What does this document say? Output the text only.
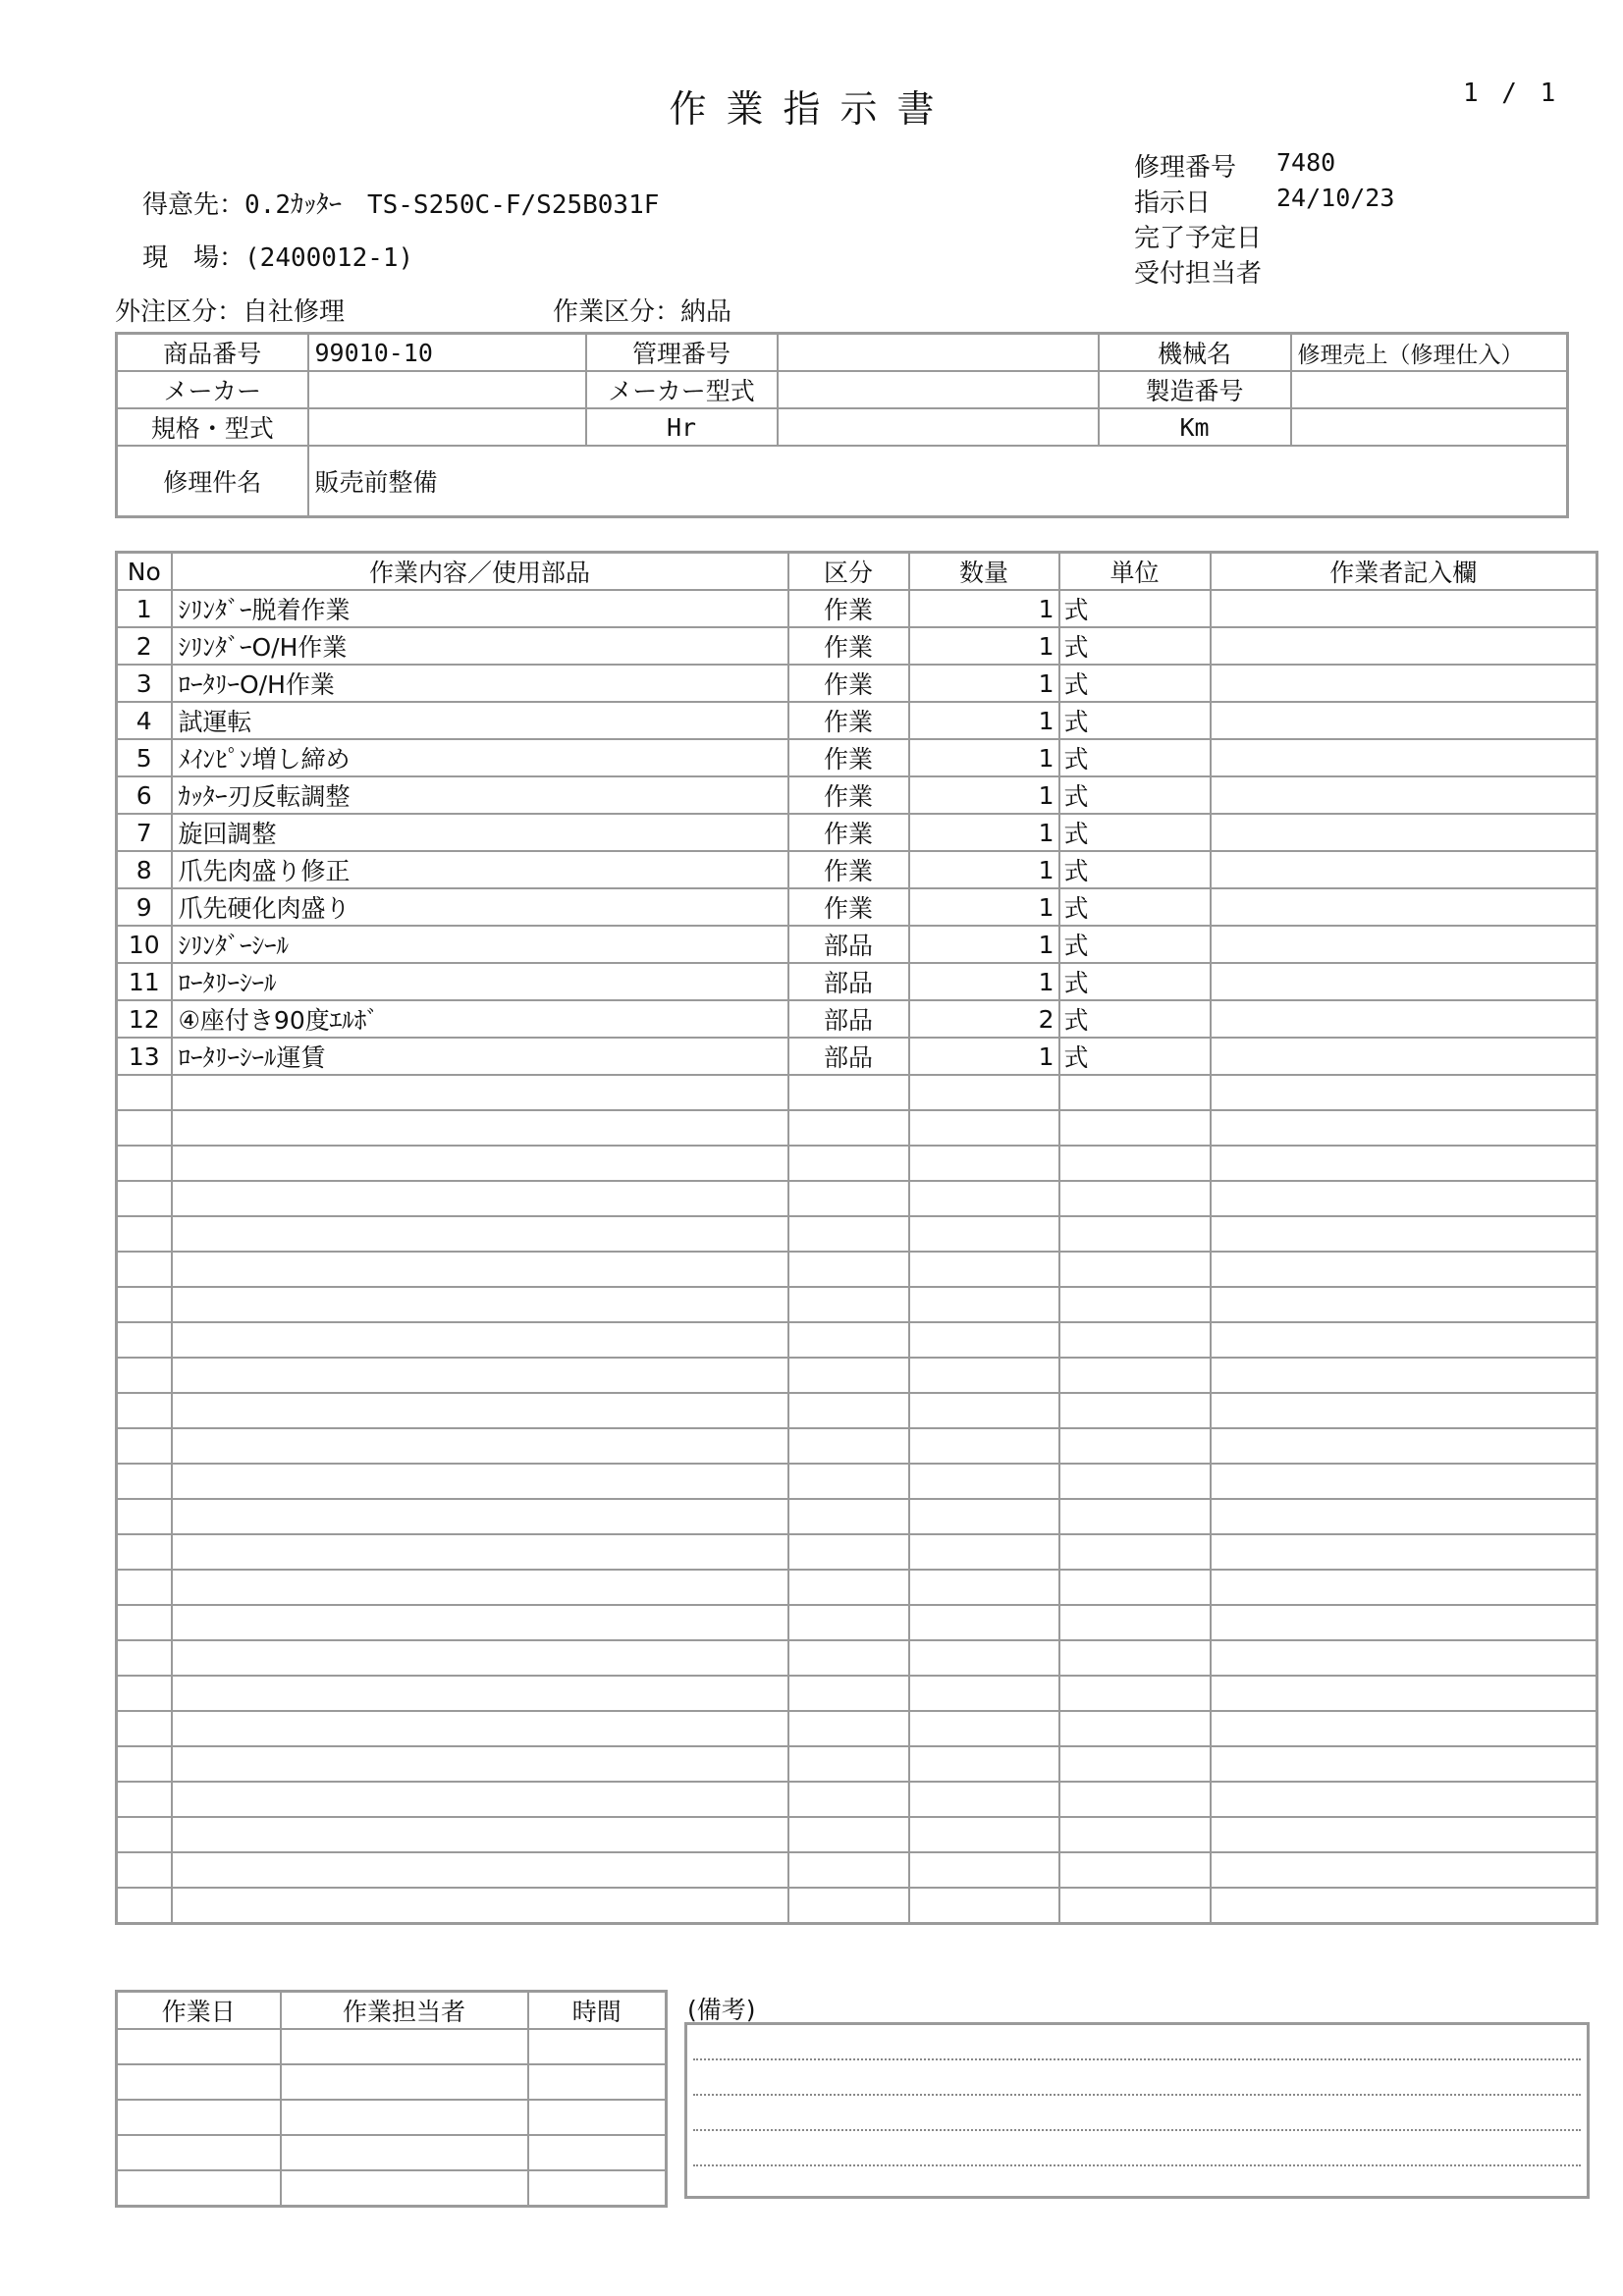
作業指示書	1 / 1
得意先：0.2ｶｯﾀｰ　TS-S250C-F/S25B031F
現　場：(2400012-1)
外注区分：自社修理	作業区分：納品
修理番号	7480
指示日	24/10/23
完了予定日
受付担当者
商品番号	99010-10	管理番号		機械名	修理売上（修理仕入）
メーカー		メーカー型式		製造番号	
規格・型式		Hr		Km	
修理件名	販売前整備				
No	作業内容／使用部品	区分	数量	単位	作業者記入欄
1	ｼﾘﾝﾀﾞｰ脱着作業	作業	1	式	
2	ｼﾘﾝﾀﾞｰO/H作業	作業	1	式	
3	ﾛｰﾀﾘｰO/H作業	作業	1	式	
4	試運転	作業	1	式	
5	ﾒｲﾝﾋﾟﾝ増し締め	作業	1	式	
6	ｶｯﾀｰ刃反転調整	作業	1	式	
7	旋回調整	作業	1	式	
8	爪先肉盛り修正	作業	1	式	
9	爪先硬化肉盛り	作業	1	式	
10	ｼﾘﾝﾀﾞｰｼｰﾙ	部品	1	式	
11	ﾛｰﾀﾘｰｼｰﾙ	部品	1	式	
12	④座付き90度ｴﾙﾎﾞ	部品	2	式	
13	ﾛｰﾀﾘｰｼｰﾙ運賃	部品	1	式	

作業日	作業担当者	時間

			(備考)
